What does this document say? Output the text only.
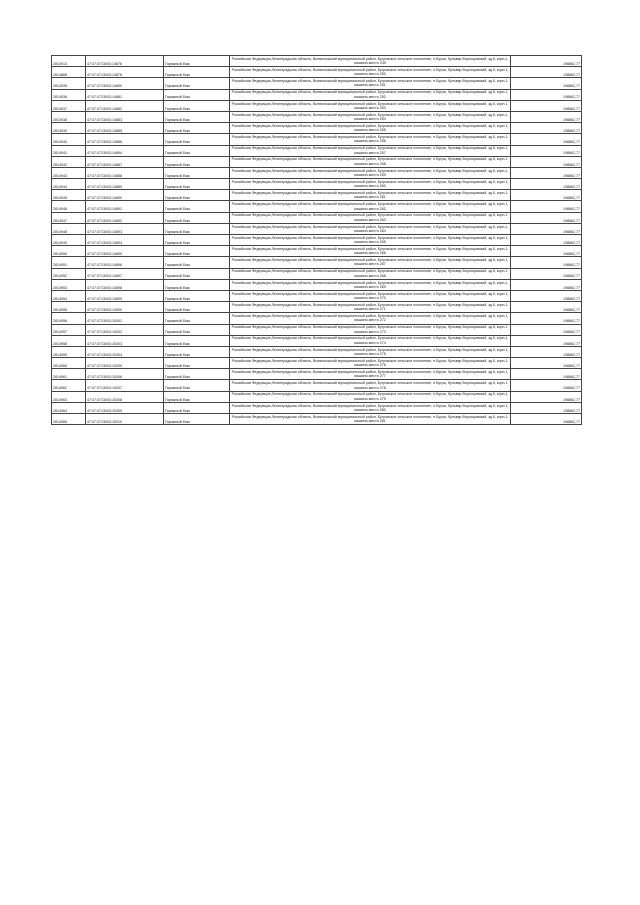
2814913	47:07:0713003:14876	Гаражный бокс	Российская Федерация,Ленинградская область, Всеволожский муниципальный район, Бугровское сельское поселение, п.Бугры, бульвар Воронцовский, зд.5, корп.1, машино-место 249	198862,77
2814868	47:07:0713003:14878	Гаражный бокс	Российская Федерация,Ленинградская область, Всеволожский муниципальный район, Бугровское сельское поселение, п.Бугры, бульвар Воронцовский, зд.5, корп.1, машино-место 250	198862,77
2814935	47:07:0713003:14890	Гаражный бокс	Российская Федерация,Ленинградская область, Всеволожский муниципальный район, Бугровское сельское поселение, п.Бугры, бульвар Воронцовский, зд.5, корп.1, машино-место 251	198862,77
2814936	47:07:0713003:14881	Гаражный бокс	Российская Федерация,Ленинградская область, Всеволожский муниципальный район, Бугровское сельское поселение, п.Бугры, бульвар Воронцовский, зд.5, корп.1, машино-место 252	198862,77
2814937	47:07:0713003:14882	Гаражный бокс	Российская Федерация,Ленинградская область, Всеволожский муниципальный район, Бугровское сельское поселение, п.Бугры, бульвар Воронцовский, зд.5, корп.1, машино-место 253	198862,77
2814938	47:07:0713003:14883	Гаражный бокс	Российская Федерация,Ленинградская область, Всеволожский муниципальный район, Бугровское сельское поселение, п.Бугры, бульвар Воронцовский, зд.5, корп.1, машино-место 254	198862,77
2814939	47:07:0713003:14885	Гаражный бокс	Российская Федерация,Ленинградская область, Всеволожский муниципальный район, Бугровское сельское поселение, п.Бугры, бульвар Воронцовский, зд.5, корп.1, машино-место 255	198862,77
2814940	47:07:0713003:14886	Гаражный бокс	Российская Федерация,Ленинградская область, Всеволожский муниципальный район, Бугровское сельское поселение, п.Бугры, бульвар Воронцовский, зд.5, корп.1, машино-место 256	198862,77
2814941	47:07:0713003:14894	Гаражный бокс	Российская Федерация,Ленинградская область, Всеволожский муниципальный район, Бугровское сельское поселение, п.Бугры, бульвар Воронцовский, зд.5, корп.1, машино-место 257	198862,77
2814942	47:07:0713003:14887	Гаражный бокс	Российская Федерация,Ленинградская область, Всеволожский муниципальный район, Бугровское сельское поселение, п.Бугры, бульвар Воронцовский, зд.5, корп.1, машино-место 258	198862,77
2814943	47:07:0713003:14888	Гаражный бокс	Российская Федерация,Ленинградская область, Всеволожский муниципальный район, Бугровское сельское поселение, п.Бугры, бульвар Воронцовский, зд.5, корп.1, машино-место 259	198862,77
2814944	47:07:0713003:14889	Гаражный бокс	Российская Федерация,Ленинградская область, Всеволожский муниципальный район, Бугровское сельское поселение, п.Бугры, бульвар Воронцовский, зд.5, корп.1, машино-место 260	198862,77
2814945	47:07:0713003:14890	Гаражный бокс	Российская Федерация,Ленинградская область, Всеволожский муниципальный район, Бугровское сельское поселение, п.Бугры, бульвар Воронцовский, зд.5, корп.1, машино-место 261	198862,77
2814946	47:07:0713003:14891	Гаражный бокс	Российская Федерация,Ленинградская область, Всеволожский муниципальный район, Бугровское сельское поселение, п.Бугры, бульвар Воронцовский, зд.5, корп.1, машино-место 262	198862,77
2814947	47:07:0713003:14892	Гаражный бокс	Российская Федерация,Ленинградская область, Всеволожский муниципальный район, Бугровское сельское поселение, п.Бугры, бульвар Воронцовский, зд.5, корп.1, машино-место 263	198862,77
2814948	47:07:0713003:14893	Гаражный бокс	Российская Федерация,Ленинградская область, Всеволожский муниципальный район, Бугровское сельское поселение, п.Бугры, бульвар Воронцовский, зд.5, корп.1, машино-место 264	198862,77
2814949	47:07:0713003:14894	Гаражный бокс	Российская Федерация,Ленинградская область, Всеволожский муниципальный район, Бугровское сельское поселение, п.Бугры, бульвар Воронцовский, зд.5, корп.1, машино-место 265	198862,77
2814950	47:07:0713003:14895	Гаражный бокс	Российская Федерация,Ленинградская область, Всеволожский муниципальный район, Бугровское сельское поселение, п.Бугры, бульвар Воронцовский, зд.5, корп.1, машино-место 266	198862,77
2814951	47:07:0713003:14896	Гаражный бокс	Российская Федерация,Ленинградская область, Всеволожский муниципальный район, Бугровское сельское поселение, п.Бугры, бульвар Воронцовский, зд.5, корп.1, машино-место 267	198862,77
2814952	47:07:0713003:14897	Гаражный бокс	Российская Федерация,Ленинградская область, Всеволожский муниципальный район, Бугровское сельское поселение, п.Бугры, бульвар Воронцовский, зд.5, корп.1, машино-место 268	198862,77
2814953	47:07:0713003:14898	Гаражный бокс	Российская Федерация,Ленинградская область, Всеволожский муниципальный район, Бугровское сельское поселение, п.Бугры, бульвар Воронцовский, зд.5, корп.1, машино-место 269	198862,77
2814954	47:07:0713003:14899	Гаражный бокс	Российская Федерация,Ленинградская область, Всеволожский муниципальный район, Бугровское сельское поселение, п.Бугры, бульвар Воронцовский, зд.5, корп.1, машино-место 270	198862,77
2814955	47:07:0713003:14900	Гаражный бокс	Российская Федерация,Ленинградская область, Всеволожский муниципальный район, Бугровское сельское поселение, п.Бугры, бульвар Воронцовский, зд.5, корп.1, машино-место 271	198862,77
2814956	47:07:0713003:15301	Гаражный бокс	Российская Федерация,Ленинградская область, Всеволожский муниципальный район, Бугровское сельское поселение, п.Бугры, бульвар Воронцовский, зд.5, корп.1, машино-место 272	198862,77
2814957	47:07:0713003:15302	Гаражный бокс	Российская Федерация,Ленинградская область, Всеволожский муниципальный район, Бугровское сельское поселение, п.Бугры, бульвар Воронцовский, зд.5, корп.1, машино-место 273	198862,77
2814958	47:07:0713003:15303	Гаражный бокс	Российская Федерация,Ленинградская область, Всеволожский муниципальный район, Бугровское сельское поселение, п.Бугры, бульвар Воронцовский, зд.5, корп.1, машино-место 274	198862,77
2814959	47:07:0713003:15304	Гаражный бокс	Российская Федерация,Ленинградская область, Всеволожский муниципальный район, Бугровское сельское поселение, п.Бугры, бульвар Воронцовский, зд.5, корп.1, машино-место 275	198862,77
2814960	47:07:0713003:15305	Гаражный бокс	Российская Федерация,Ленинградская область, Всеволожский муниципальный район, Бугровское сельское поселение, п.Бугры, бульвар Воронцовский, зд.5, корп.1, машино-место 276	198862,77
2814961	47:07:0713003:15306	Гаражный бокс	Российская Федерация,Ленинградская область, Всеволожский муниципальный район, Бугровское сельское поселение, п.Бугры, бульвар Воронцовский, зд.5, корп.1, машино-место 277	198862,77
2814962	47:07:0713003:15307	Гаражный бокс	Российская Федерация,Ленинградская область, Всеволожский муниципальный район, Бугровское сельское поселение, п.Бугры, бульвар Воронцовский, зд.5, корп.1, машино-место 278	198862,77
2814963	47:07:0713003:15308	Гаражный бокс	Российская Федерация,Ленинградская область, Всеволожский муниципальный район, Бугровское сельское поселение, п.Бугры, бульвар Воронцовский, зд.5, корп.1, машино-место 279	198862,77
2814964	47:07:0713003:15309	Гаражный бокс	Российская Федерация,Ленинградская область, Всеволожский муниципальный район, Бугровское сельское поселение, п.Бугры, бульвар Воронцовский, зд.5, корп.1, машино-место 280	198862,77
2814965	47:07:0713003:15310	Гаражный бокс	Российская Федерация,Ленинградская область, Всеволожский муниципальный район, Бугровское сельское поселение, п.Бугры, бульвар Воронцовский, зд.5, корп.1, машино-место 281	198862,77
